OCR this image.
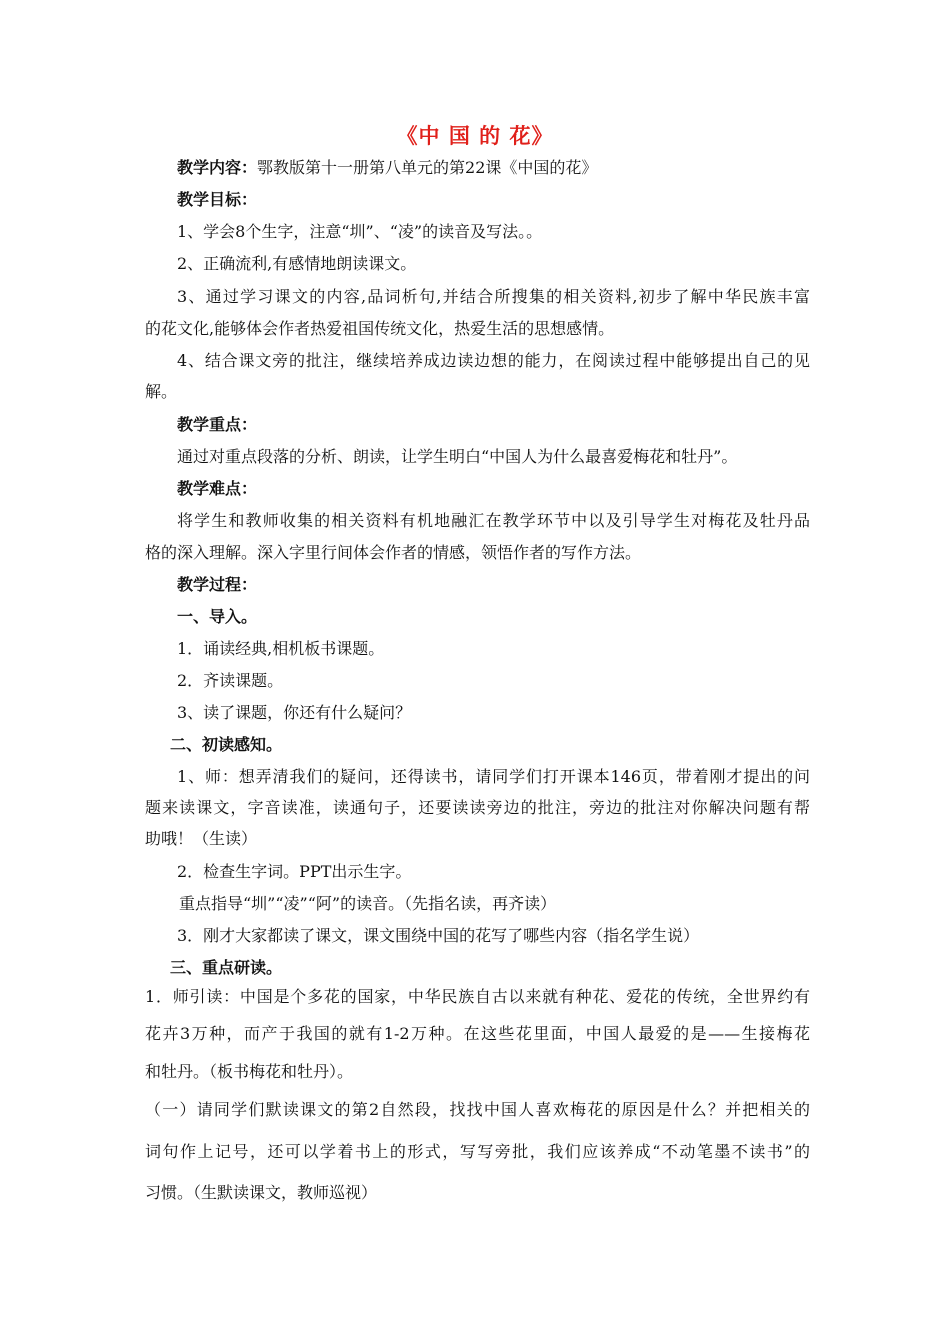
《中 国 的 花》
教学内容：鄂教版第十一册第八单元的第22课《中国的花》
教学目标：
1、学会8个生字，注意“圳”、“凌”的读音及写法。。
2、正确流利,有感情地朗读课文。
3、通过学习课文的内容,品词析句,并结合所搜集的相关资料,初步了解中华民族丰富
的花文化,能够体会作者热爱祖国传统文化，热爱生活的思想感情。
4、结合课文旁的批注，继续培养成边读边想的能力，在阅读过程中能够提出自己的见
解。
教学重点：
通过对重点段落的分析、朗读，让学生明白“中国人为什么最喜爱梅花和牡丹”。
教学难点：
将学生和教师收集的相关资料有机地融汇在教学环节中以及引导学生对梅花及牡丹品
格的深入理解。深入字里行间体会作者的情感，领悟作者的写作方法。
教学过程：
一、导入。
1．诵读经典,相机板书课题。
2．齐读课题。
3、读了课题，你还有什么疑问？
二、初读感知。
1、师：想弄清我们的疑问，还得读书，请同学们打开课本146页，带着刚才提出的问
题来读课文，字音读准，读通句子，还要读读旁边的批注，旁边的批注对你解决问题有帮
助哦！（生读）
2．检查生字词。PPT出示生字。
重点指导“圳”“凌”“阿”的读音。（先指名读，再齐读）
3．刚才大家都读了课文，课文围绕中国的花写了哪些内容（指名学生说）
三、重点研读。
1．师引读：中国是个多花的国家，中华民族自古以来就有种花、爱花的传统，全世界约有
花卉3万种，而产于我国的就有1-2万种。在这些花里面，中国人最爱的是——生接梅花
和牡丹。（板书梅花和牡丹）。
（一）请同学们默读课文的第2自然段，找找中国人喜欢梅花的原因是什么？并把相关的
词句作上记号，还可以学着书上的形式，写写旁批，我们应该养成“不动笔墨不读书”的
习惯。（生默读课文，教师巡视）
